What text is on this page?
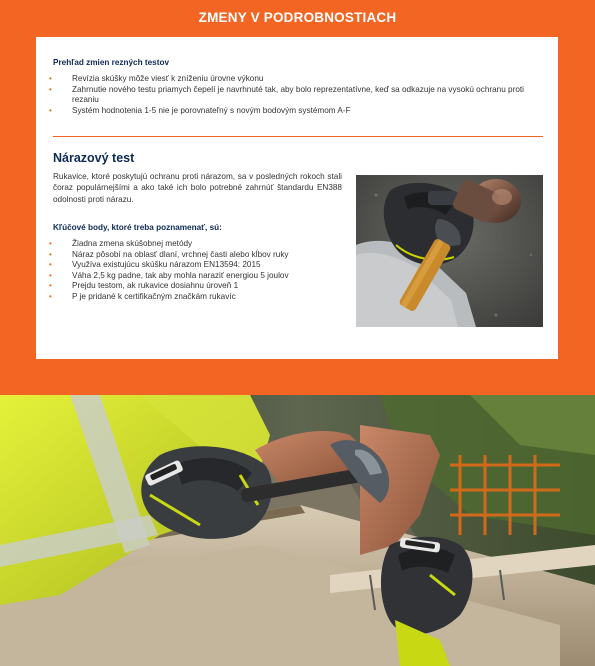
ZMENY V PODROBNOSTIACH
Prehľad zmien rezných testov
• Revízia skúšky môže viesť k zníženiu úrovne výkonu
• Zahrnutie nového testu priamych čepelí je navrhnuté tak, aby bolo reprezentatívne, keď sa odkazuje na vysokú ochranu proti rezaniu
• Systém hodnotenia 1-5 nie je porovnateľný s novým bodovým systémom A-F
Nárazový test
Rukavice, ktoré poskytujú ochranu proti nárazom, sa v posledných rokoch stali čoraz populárnejšími a ako také ich bolo potrebné zahrnúť štandardu EN388 odolnosti proti nárazu.
Kľúčové body, ktoré treba poznamenať, sú:
• Žiadna zmena skúšobnej metódy
• Náraz pôsobí na oblasť dlaní, vrchnej časti alebo kĺbov ruky
• Využíva existujúcu skúšku nárazom EN13594: 2015
• Váha 2,5 kg padne, tak aby mohla naraziť energiou 5 joulov
• Prejdu testom, ak rukavice dosiahnu úroveň 1
• P je pridané k certifikačným značkám rukavíc
